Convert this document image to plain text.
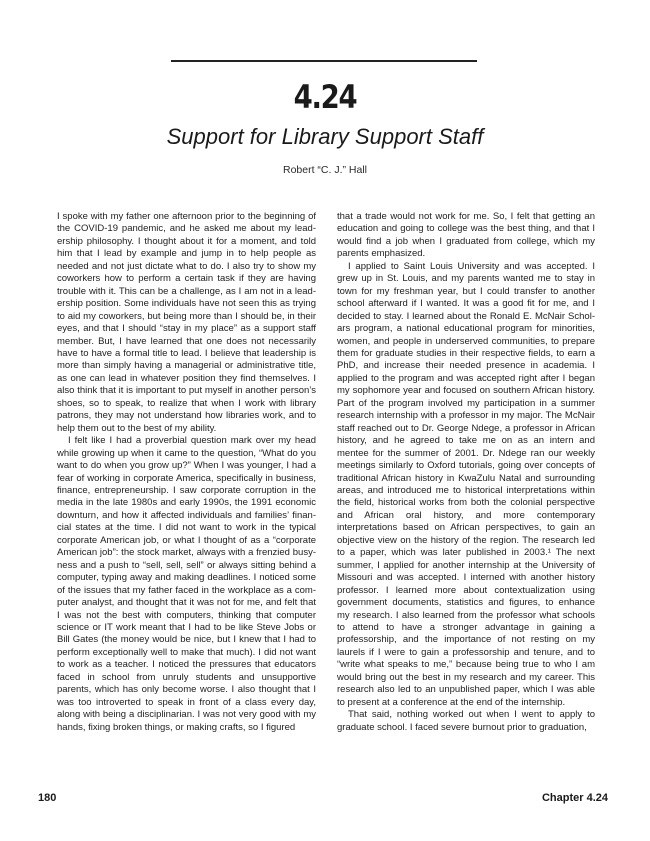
4.24
Support for Library Support Staff
Robert “C. J.” Hall

I spoke with my father one afternoon prior to the beginning of the COVID-19 pandemic, and he asked me about my leadership philosophy. I thought about it for a moment, and told him that I lead by example and jump in to help people as needed and not just dictate what to do. I also try to show my coworkers how to perform a certain task if they are having trouble with it. This can be a challenge, as I am not in a leadership position. Some individuals have not seen this as trying to aid my coworkers, but being more than I should be, in their eyes, and that I should “stay in my place” as a support staff member. But, I have learned that one does not necessarily have to have a formal title to lead. I believe that leadership is more than simply having a managerial or administrative title, as one can lead in whatever position they find themselves. I also think that it is important to put myself in another person’s shoes, so to speak, to realize that when I work with library patrons, they may not understand how libraries work, and to help them out to the best of my ability.

I felt like I had a proverbial question mark over my head while growing up when it came to the question, “What do you want to do when you grow up?” When I was younger, I had a fear of working in corporate America, specifically in business, finance, entrepreneurship. I saw corporate corruption in the media in the late 1980s and early 1990s, the 1991 economic downturn, and how it affected individuals and families’ financial states at the time. I did not want to work in the typical corporate American job, or what I thought of as a “corporate American job”: the stock market, always with a frenzied busyness and a push to “sell, sell, sell” or always sitting behind a computer, typing away and making deadlines. I noticed some of the issues that my father faced in the workplace as a computer analyst, and thought that it was not for me, and felt that I was not the best with computers, thinking that computer science or IT work meant that I had to be like Steve Jobs or Bill Gates (the money would be nice, but I knew that I had to perform exceptionally well to make that much). I did not want to work as a teacher. I noticed the pressures that educators faced in school from unruly students and unsupportive parents, which has only become worse. I also thought that I was too introverted to speak in front of a class every day, along with being a disciplinarian. I was not very good with my hands, fixing broken things, or making crafts, so I figured

that a trade would not work for me. So, I felt that getting an education and going to college was the best thing, and that I would find a job when I graduated from college, which my parents emphasized.

I applied to Saint Louis University and was accepted. I grew up in St. Louis, and my parents wanted me to stay in town for my freshman year, but I could transfer to another school afterward if I wanted. It was a good fit for me, and I decided to stay. I learned about the Ronald E. McNair Scholars program, a national educational program for minorities, women, and people in underserved communities, to prepare them for graduate studies in their respective fields, to earn a PhD, and increase their needed presence in academia. I applied to the program and was accepted right after I began my sophomore year and focused on southern African history. Part of the program involved my participation in a summer research internship with a professor in my major. The McNair staff reached out to Dr. George Ndege, a professor in African history, and he agreed to take me on as an intern and mentee for the summer of 2001. Dr. Ndege ran our weekly meetings similarly to Oxford tutorials, going over concepts of traditional African history in KwaZulu Natal and surrounding areas, and introduced me to historical interpretations within the field, historical works from both the colonial perspective and African oral history, and more contemporary interpretations based on African perspectives, to gain an objective view on the history of the region. The research led to a paper, which was later published in 2003.¹ The next summer, I applied for another internship at the University of Missouri and was accepted. I interned with another history professor. I learned more about contextualization using government documents, statistics and figures, to enhance my research. I also learned from the professor what schools to attend to have a stronger advantage in gaining a professorship, and the importance of not resting on my laurels if I were to gain a professorship and tenure, and to “write what speaks to me,” because being true to who I am would bring out the best in my research and my career. This research also led to an unpublished paper, which I was able to present at a conference at the end of the internship.

That said, nothing worked out when I went to apply to graduate school. I faced severe burnout prior to graduation,

180	Chapter 4.24
